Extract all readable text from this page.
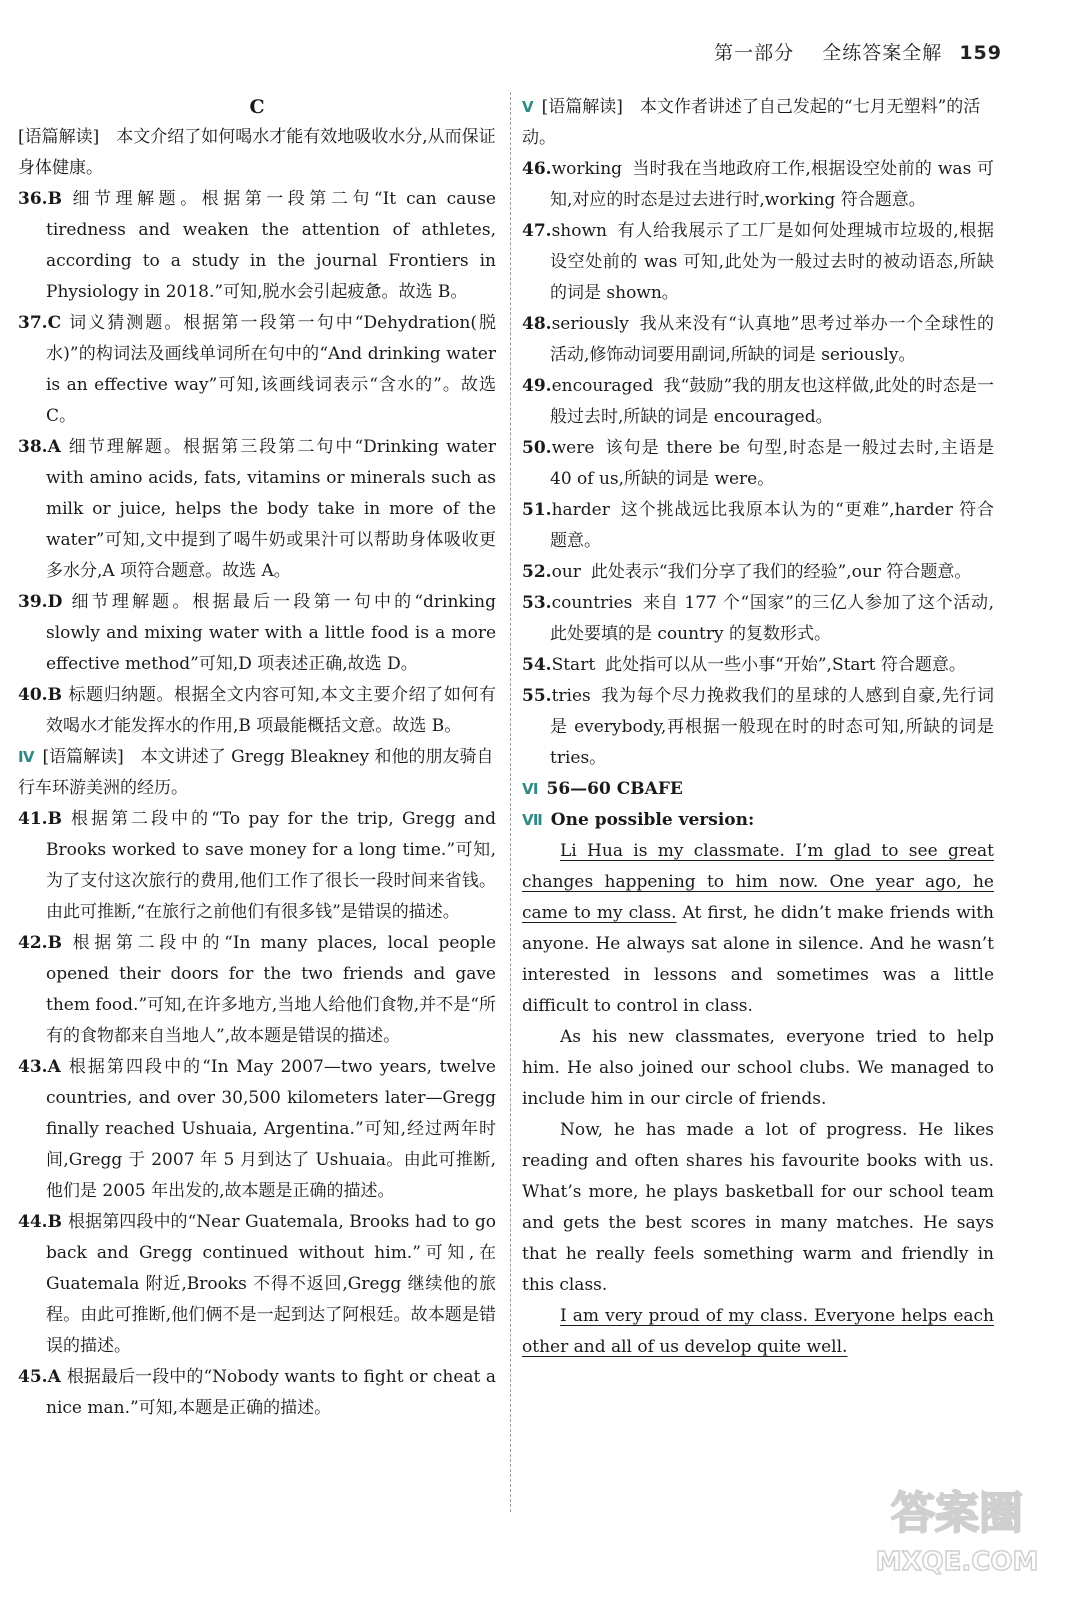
第一部分 全练答案全解 159
C

[语篇解读]　本文介绍了如何喝水才能有效地吸收水分,从而保证身体健康。

36.B 细节理解题。根据第一段第二句“It can cause tiredness and weaken the attention of athletes, according to a study in the journal Frontiers in Physiology in 2018.”可知,脱水会引起疲惫。故选 B。

37.C 词义猜测题。根据第一段第一句中“Dehydration(脱水)”的构词法及画线单词所在句中的“And drinking water is an effective way”可知,该画线词表示“含水的”。故选 C。

38.A 细节理解题。根据第三段第二句中“Drinking water with amino acids, fats, vitamins or minerals such as milk or juice, helps the body take in more of the water”可知,文中提到了喝牛奶或果汁可以帮助身体吸收更多水分,A 项符合题意。故选 A。

39.D 细节理解题。根据最后一段第一句中的“drinking slowly and mixing water with a little food is a more effective method”可知,D 项表述正确,故选 D。

40.B 标题归纳题。根据全文内容可知,本文主要介绍了如何有效喝水才能发挥水的作用,B 项最能概括文意。故选 B。

Ⅳ [语篇解读]　本文讲述了 Gregg Bleakney 和他的朋友骑自行车环游美洲的经历。

41.B 根据第二段中的“To pay for the trip, Gregg and Brooks worked to save money for a long time.”可知,为了支付这次旅行的费用,他们工作了很长一段时间来省钱。由此可推断,“在旅行之前他们有很多钱”是错误的描述。

42.B 根据第二段中的“In many places, local people opened their doors for the two friends and gave them food.”可知,在许多地方,当地人给他们食物,并不是“所有的食物都来自当地人”,故本题是错误的描述。

43.A 根据第四段中的“In May 2007—two years, twelve countries, and over 30,500 kilometers later—Gregg finally reached Ushuaia, Argentina.”可知,经过两年时间,Gregg 于 2007 年 5 月到达了 Ushuaia。由此可推断,他们是 2005 年出发的,故本题是正确的描述。

44.B 根据第四段中的“Near Guatemala, Brooks had to go back and Gregg continued without him.”可知,在 Guatemala 附近,Brooks 不得不返回,Gregg 继续他的旅程。由此可推断,他们俩不是一起到达了阿根廷。故本题是错误的描述。

45.A 根据最后一段中的“Nobody wants to fight or cheat a nice man.”可知,本题是正确的描述。

Ⅴ [语篇解读]　本文作者讲述了自己发起的“七月无塑料”的活动。

46.working 当时我在当地政府工作,根据设空处前的 was 可知,对应的时态是过去进行时,working 符合题意。

47.shown 有人给我展示了工厂是如何处理城市垃圾的,根据设空处前的 was 可知,此处为一般过去时的被动语态,所缺的词是 shown。

48.seriously 我从来没有“认真地”思考过举办一个全球性的活动,修饰动词要用副词,所缺的词是 seriously。

49.encouraged 我“鼓励”我的朋友也这样做,此处的时态是一般过去时,所缺的词是 encouraged。

50.were 该句是 there be 句型,时态是一般过去时,主语是 40 of us,所缺的词是 were。

51.harder 这个挑战远比我原本认为的“更难”,harder 符合题意。

52.our 此处表示“我们分享了我们的经验”,our 符合题意。

53.countries 来自 177 个“国家”的三亿人参加了这个活动,此处要填的是 country 的复数形式。

54.Start 此处指可以从一些小事“开始”,Start 符合题意。

55.tries 我为每个尽力挽救我们的星球的人感到自豪,先行词是 everybody,再根据一般现在时的时态可知,所缺的词是 tries。

Ⅵ 56—60 CBAFE

Ⅶ One possible version:

Li Hua is my classmate. I’m glad to see great changes happening to him now. One year ago, he came to my class. At first, he didn’t make friends with anyone. He always sat alone in silence. And he wasn’t interested in lessons and sometimes was a little difficult to control in class.

As his new classmates, everyone tried to help him. He also joined our school clubs. We managed to include him in our circle of friends.

Now, he has made a lot of progress. He likes reading and often shares his favourite books with us. What’s more, he plays basketball for our school team and gets the best scores in many matches. He says that he really feels something warm and friendly in this class.

I am very proud of my class. Everyone helps each other and all of us develop quite well.

答案圈
MXQE.COM
